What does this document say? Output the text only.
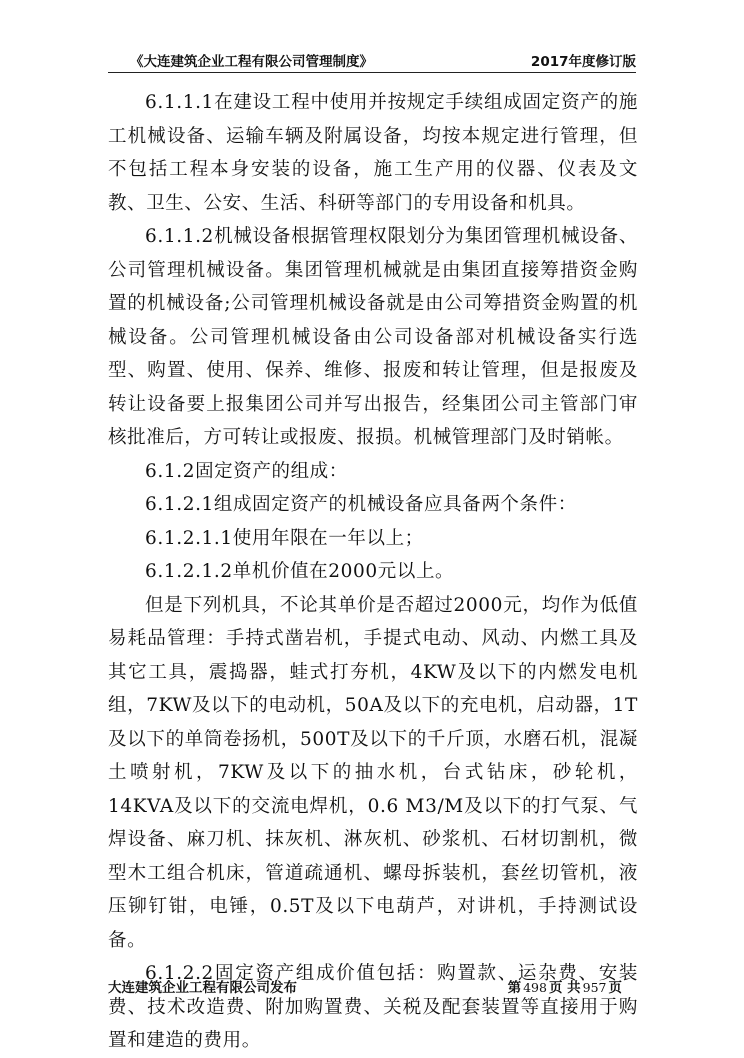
《大连建筑企业工程有限公司管理制度》	2017年度修订版

6.1.1.1在建设工程中使用并按规定手续组成固定资产的施工机械设备、运输车辆及附属设备，均按本规定进行管理，但不包括工程本身安装的设备，施工生产用的仪器、仪表及文教、卫生、公安、生活、科研等部门的专用设备和机具。

6.1.1.2机械设备根据管理权限划分为集团管理机械设备、公司管理机械设备。集团管理机械就是由集团直接筹措资金购置的机械设备;公司管理机械设备就是由公司筹措资金购置的机械设备。公司管理机械设备由公司设备部对机械设备实行选型、购置、使用、保养、维修、报废和转让管理，但是报废及转让设备要上报集团公司并写出报告，经集团公司主管部门审核批准后，方可转让或报废、报损。机械管理部门及时销帐。

6.1.2固定资产的组成：

6.1.2.1组成固定资产的机械设备应具备两个条件：

6.1.2.1.1使用年限在一年以上；

6.1.2.1.2单机价值在2000元以上。

但是下列机具，不论其单价是否超过2000元，均作为低值易耗品管理：手持式凿岩机，手提式电动、风动、内燃工具及其它工具，震捣器，蛙式打夯机，4KW及以下的内燃发电机组，7KW及以下的电动机，50A及以下的充电机，启动器，1T及以下的单筒卷扬机，500T及以下的千斤顶，水磨石机，混凝土喷射机，7KW及以下的抽水机，台式钻床，砂轮机，14KVA及以下的交流电焊机，0.6 M3/M及以下的打气泵、气焊设备、麻刀机、抹灰机、淋灰机、砂浆机、石材切割机，微型木工组合机床，管道疏通机、螺母拆装机，套丝切管机，液压铆钉钳，电锤，0.5T及以下电葫芦，对讲机，手持测试设备。

6.1.2.2固定资产组成价值包括：购置款、运杂费、安装费、技术改造费、附加购置费、关税及配套装置等直接用于购置和建造的费用。

大连建筑企业工程有限公司发布	第 498 页 共 957 页
